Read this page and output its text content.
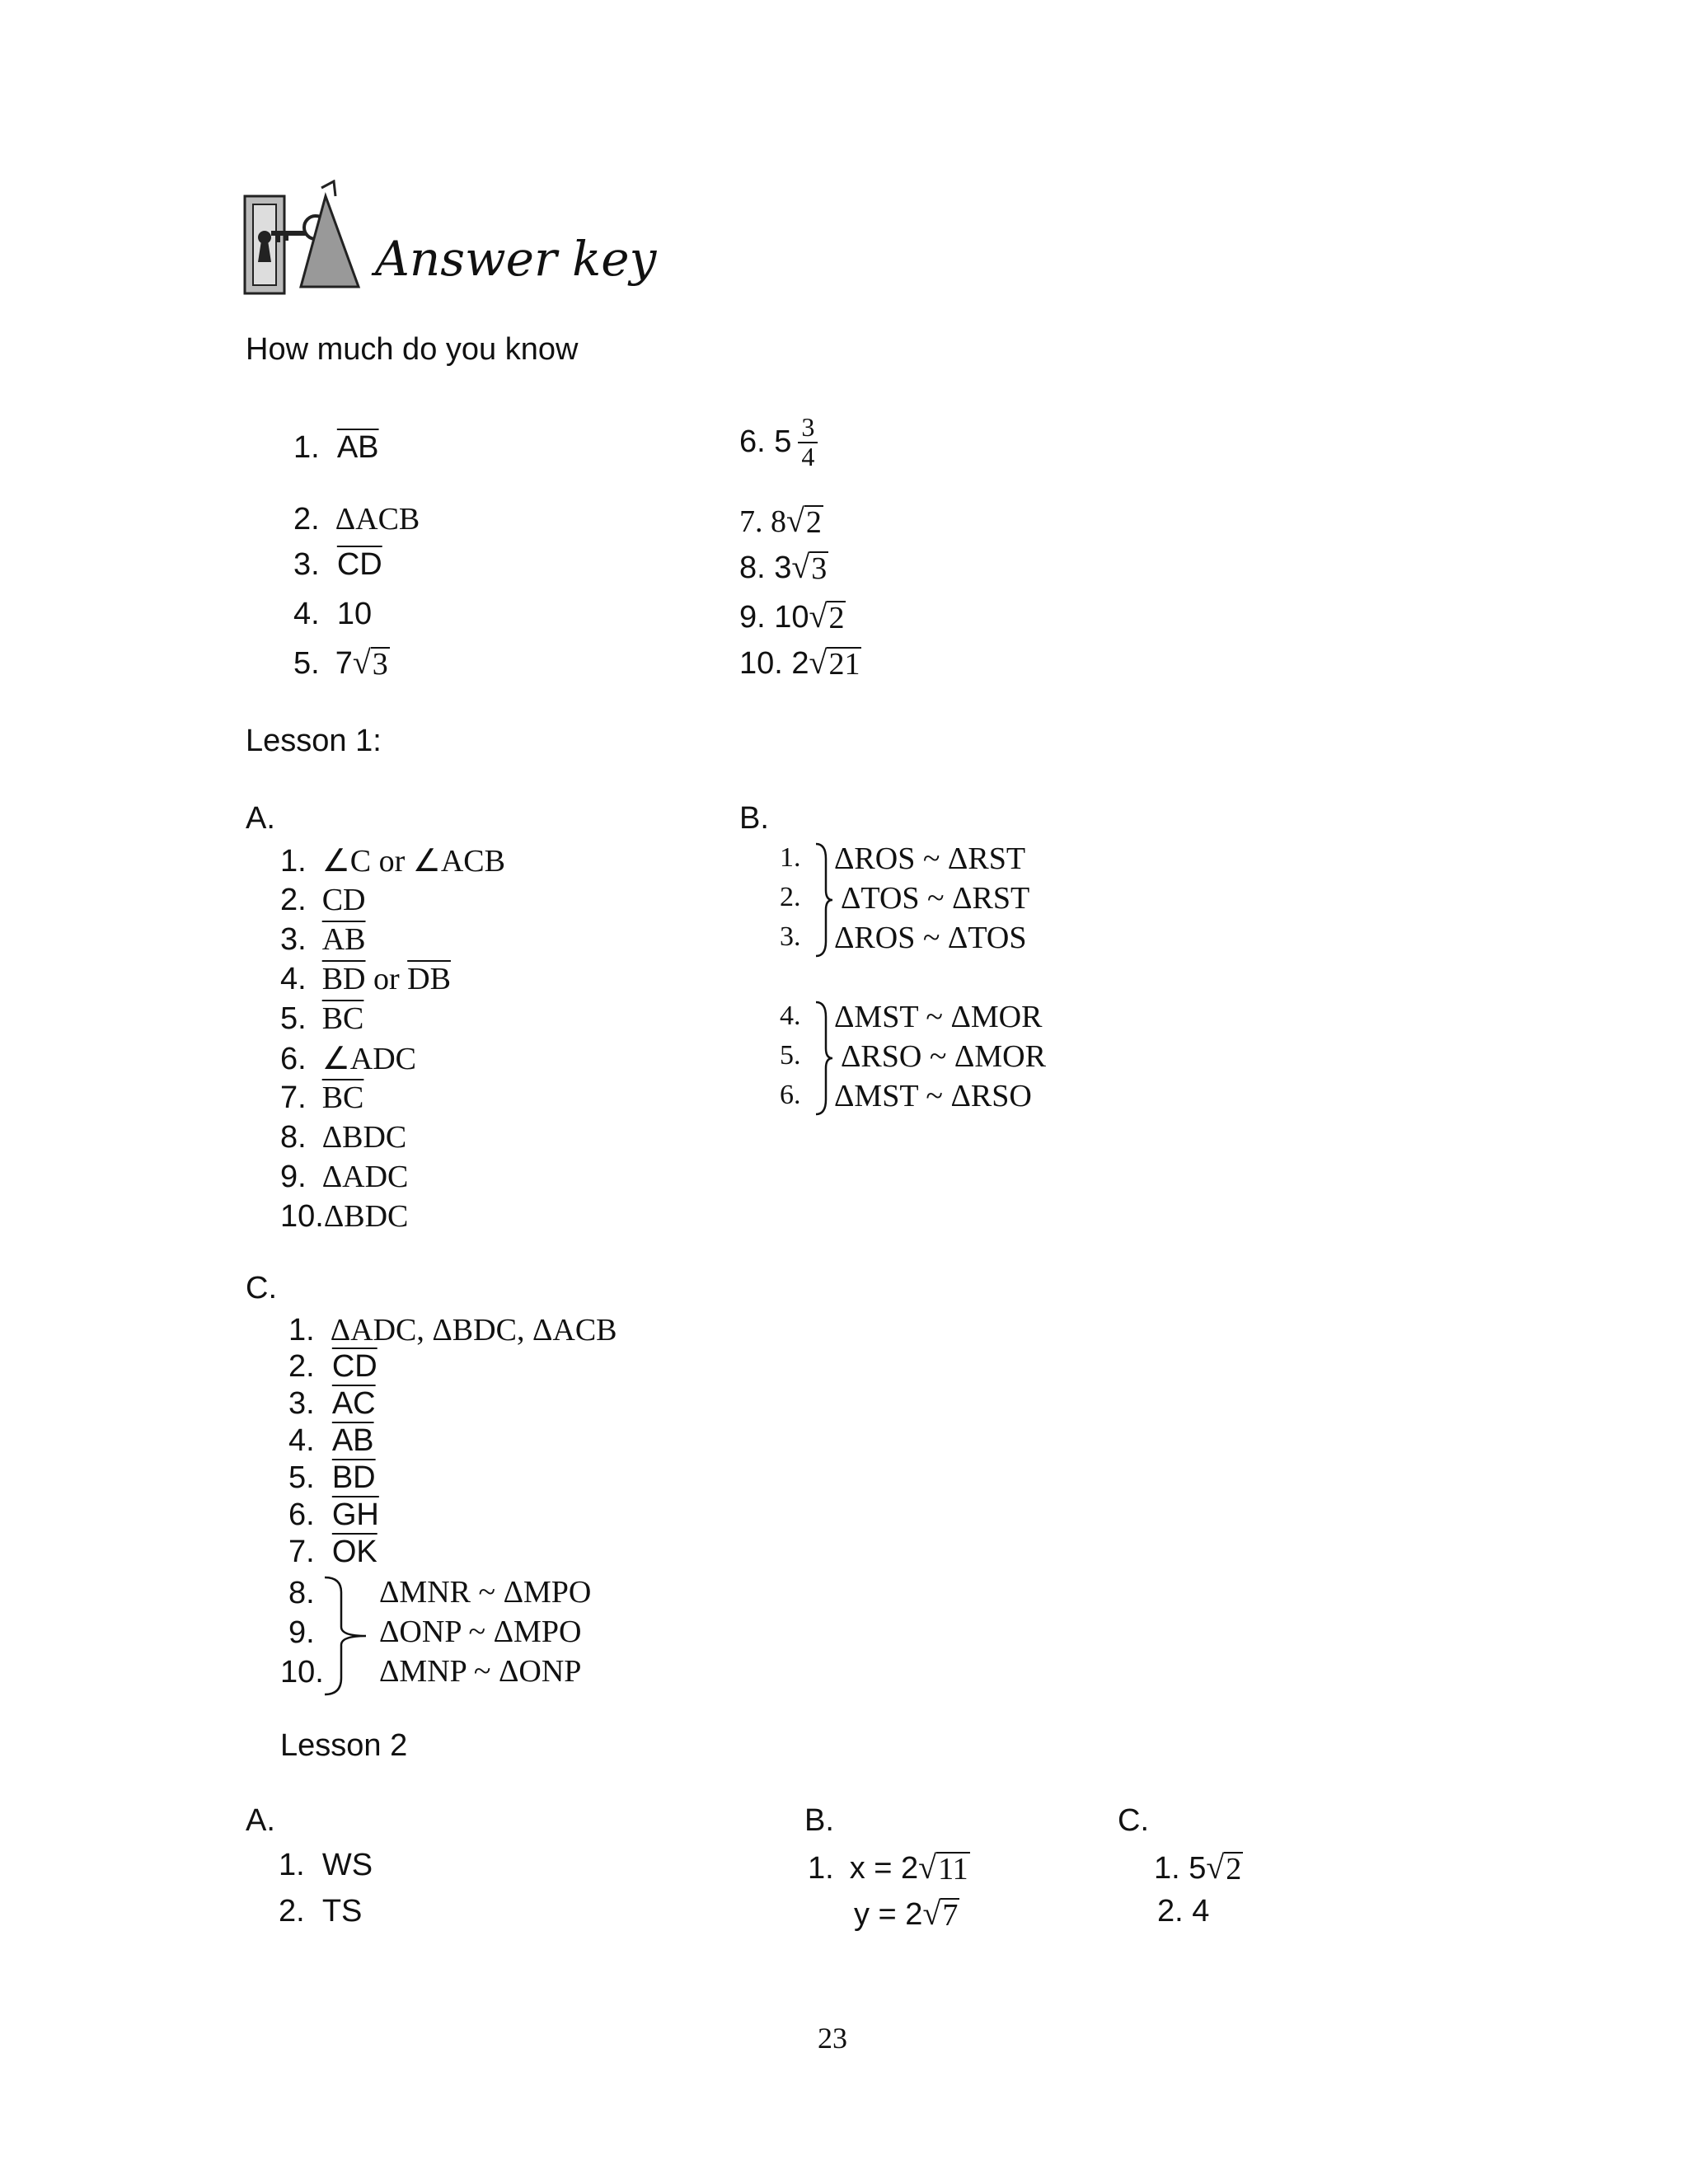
Answer key
How much do you know
1. $\overline{AB}$
2. ΔACB
3. $\overline{CD}$
4. 10
5. 7 √ 3
6. $5 \frac{3}{4}$
7. 8 √ 2
8. 3 √ 3
9. 10 √ 2
10. 2 √ 21
Lesson 1:
A.
1. ∠C or ∠ACB
2. CD
3. $\overline{AB}$
4. $\overline{BD}$ or $\overline{DB}$
5. $\overline{BC}$
6. ∠ADC
7. $\overline{BC}$
8. ΔBDC
9. ΔADC
10.ΔBDC
B.
1.
2.
3.
ΔROS ~ ΔRST
ΔTOS ~ ΔRST
ΔROS ~ ΔTOS
4.
5.
6.
ΔMST ~ ΔMOR
ΔRSO ~ ΔMOR
ΔMST ~ ΔRSO
C.
1. ΔADC, ΔBDC, ΔACB
2. $\overline{CD}$
3. $\overline{AC}$
4. $\overline{AB}$
5. $\overline{BD}$
6. $\overline{GH}$
7. $\overline{OK}$
8.
9.
10.
ΔMNR ~ ΔMPO
ΔONP ~ ΔMPO
ΔMNP ~ ΔONP
Lesson 2
A.
1. WS
2. TS
B.
1. x = 2 √ 11
y = 2 √ 7
C.
1. 5 √ 2
2. 4
23
